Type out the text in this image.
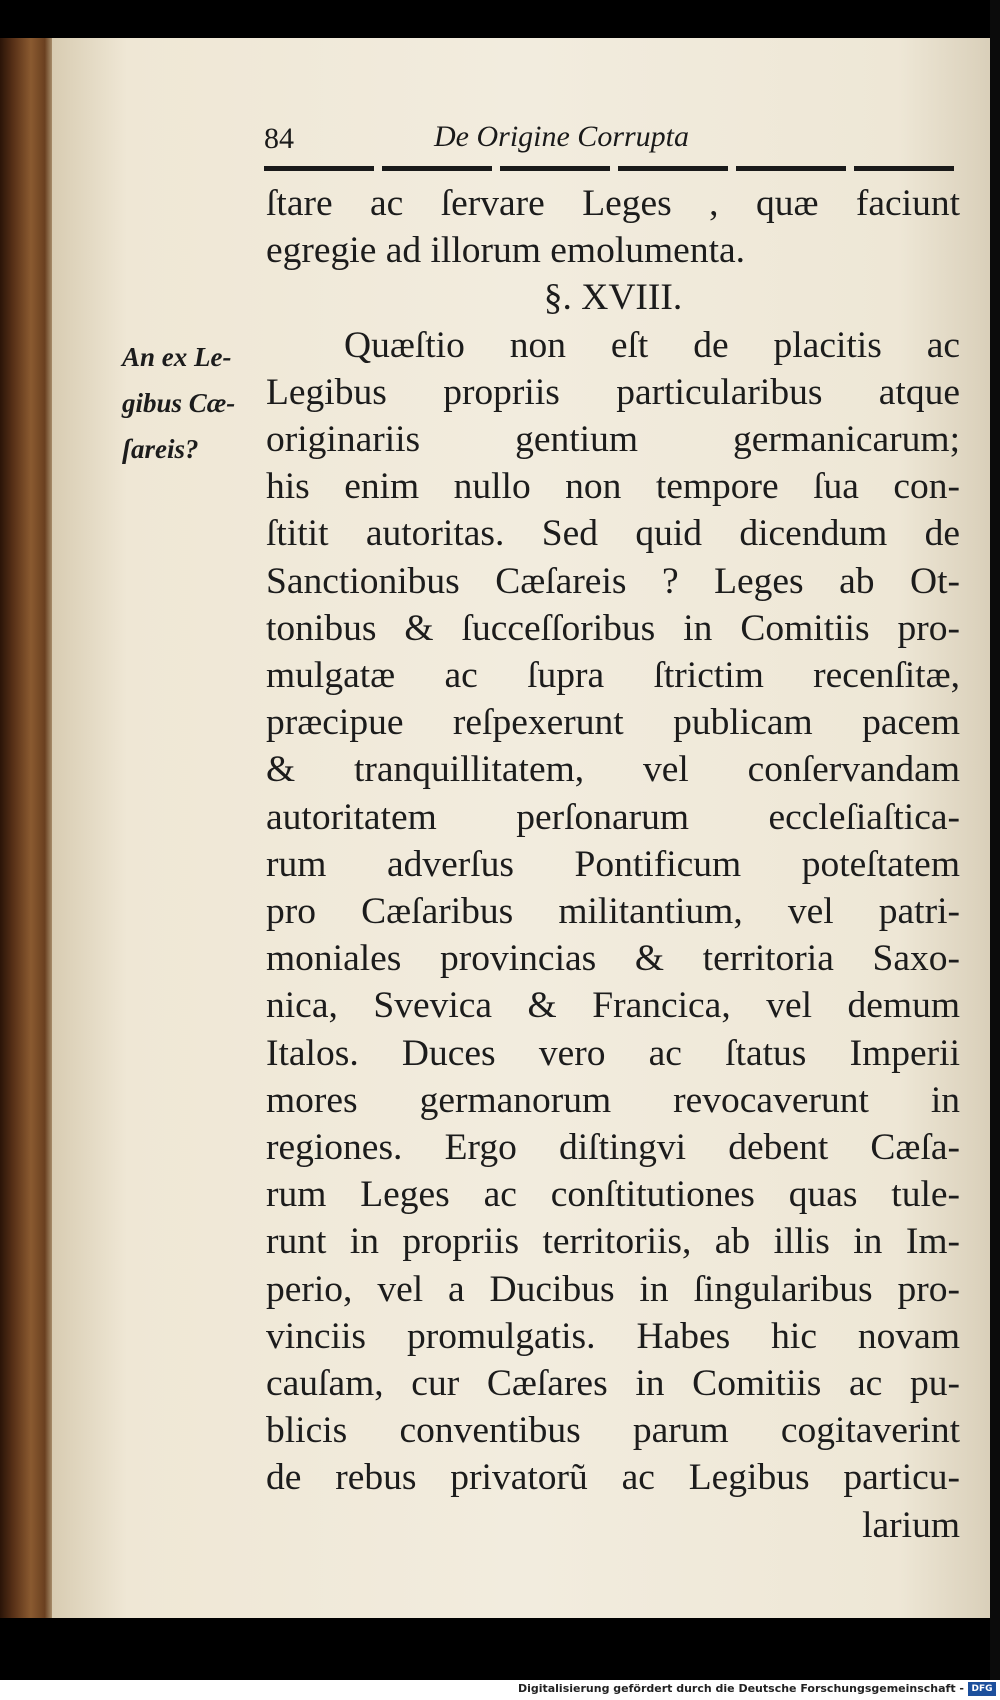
84	De Origine Corrupta
An ex Le-
gibus Cæ-
ſareis?
ſtare ac ſervare Leges , quæ faciunt
egregie ad illorum emolumenta.
§. XVIII.
Quæſtio non eſt de placitis ac
Legibus propriis particularibus atque
originariis gentium germanicarum;
his enim nullo non tempore ſua con-
ſtitit autoritas. Sed quid dicendum de
Sanctionibus Cæſareis ? Leges ab Ot-
tonibus & ſucceſſoribus in Comitiis pro-
mulgatæ ac ſupra ſtrictim recenſitæ,
præcipue reſpexerunt publicam pacem
& tranquillitatem, vel conſervandam
autoritatem perſonarum eccleſiaſtica-
rum adverſus Pontificum poteſtatem
pro Cæſaribus militantium, vel patri-
moniales provincias & territoria Saxo-
nica, Svevica & Francica, vel demum
Italos. Duces vero ac ſtatus Imperii
mores germanorum revocaverunt in
regiones. Ergo diſtingvi debent Cæſa-
rum Leges ac conſtitutiones quas tule-
runt in propriis territoriis, ab illis in Im-
perio, vel a Ducibus in ſingularibus pro-
vinciis promulgatis. Habes hic novam
cauſam, cur Cæſares in Comitiis ac pu-
blicis conventibus parum cogitaverint
de rebus privatorũ ac Legibus particu-
larium
Digitalisierung gefördert durch die Deutsche Forschungsgemeinschaft - DFG
